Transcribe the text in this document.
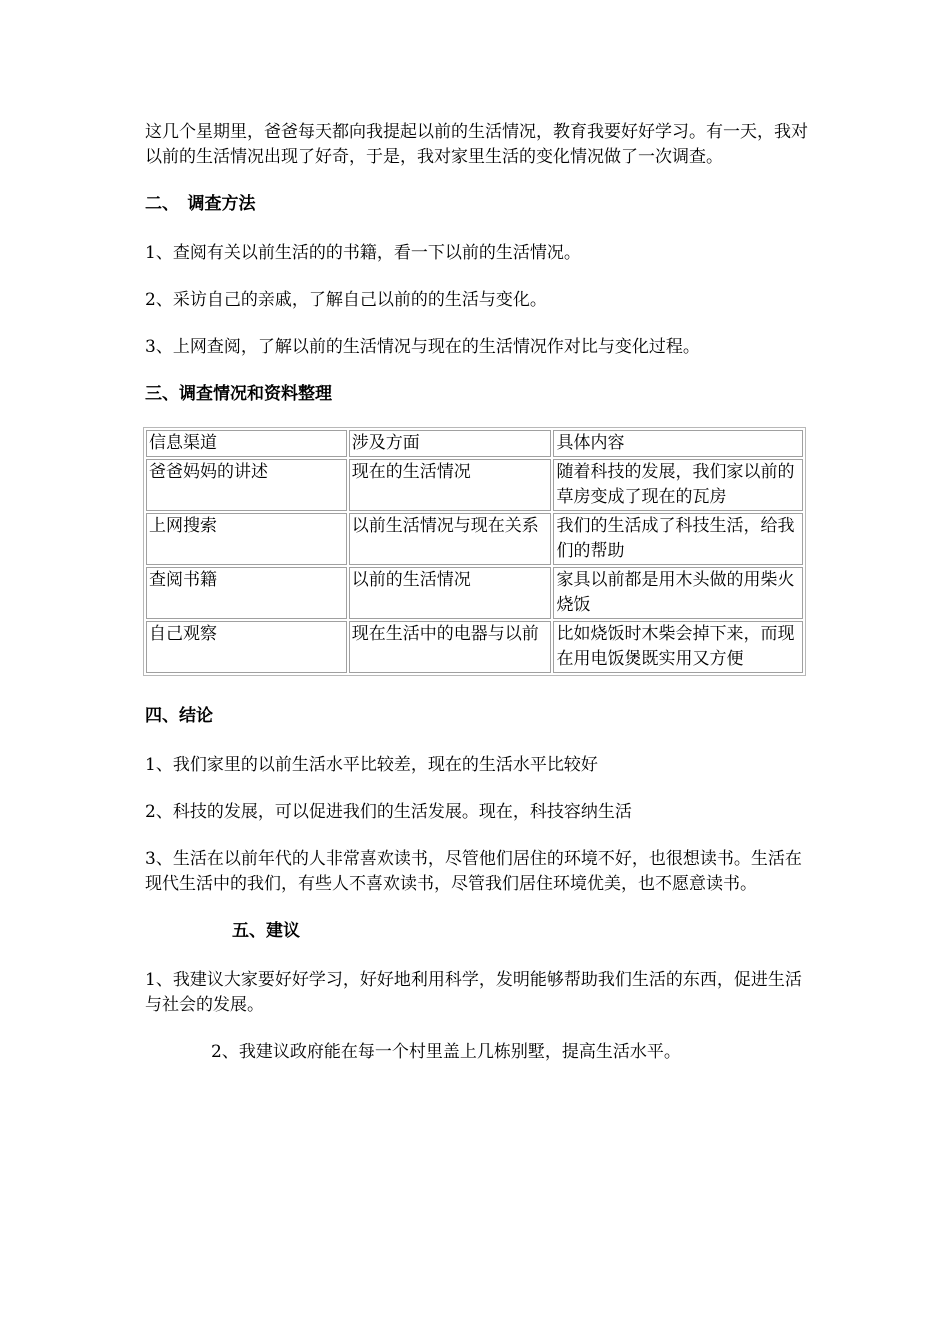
这几个星期里，爸爸每天都向我提起以前的生活情况，教育我要好好学习。有一天，我对以前的生活情况出现了好奇，于是，我对家里生活的变化情况做了一次调查。

二、　调查方法

1、查阅有关以前生活的的书籍，看一下以前的生活情况。

2、采访自己的亲戚，了解自己以前的的生活与变化。

3、上网查阅，了解以前的生活情况与现在的生活情况作对比与变化过程。

三、调查情况和资料整理

信息渠道	涉及方面	具体内容
爸爸妈妈的讲述	现在的生活情况	随着科技的发展，我们家以前的草房变成了现在的瓦房
上网搜索	以前生活情况与现在关系	我们的生活成了科技生活，给我们的帮助
查阅书籍	以前的生活情况	家具以前都是用木头做的用柴火烧饭
自己观察	现在生活中的电器与以前	比如烧饭时木柴会掉下来，而现在用电饭煲既实用又方便

四、结论

1、我们家里的以前生活水平比较差，现在的生活水平比较好

2、科技的发展，可以促进我们的生活发展。现在，科技容纳生活

3、生活在以前年代的人非常喜欢读书，尽管他们居住的环境不好，也很想读书。生活在现代生活中的我们，有些人不喜欢读书，尽管我们居住环境优美，也不愿意读书。

五、建议

1、我建议大家要好好学习，好好地利用科学，发明能够帮助我们生活的东西，促进生活与社会的发展。

2、我建议政府能在每一个村里盖上几栋别墅，提高生活水平。
